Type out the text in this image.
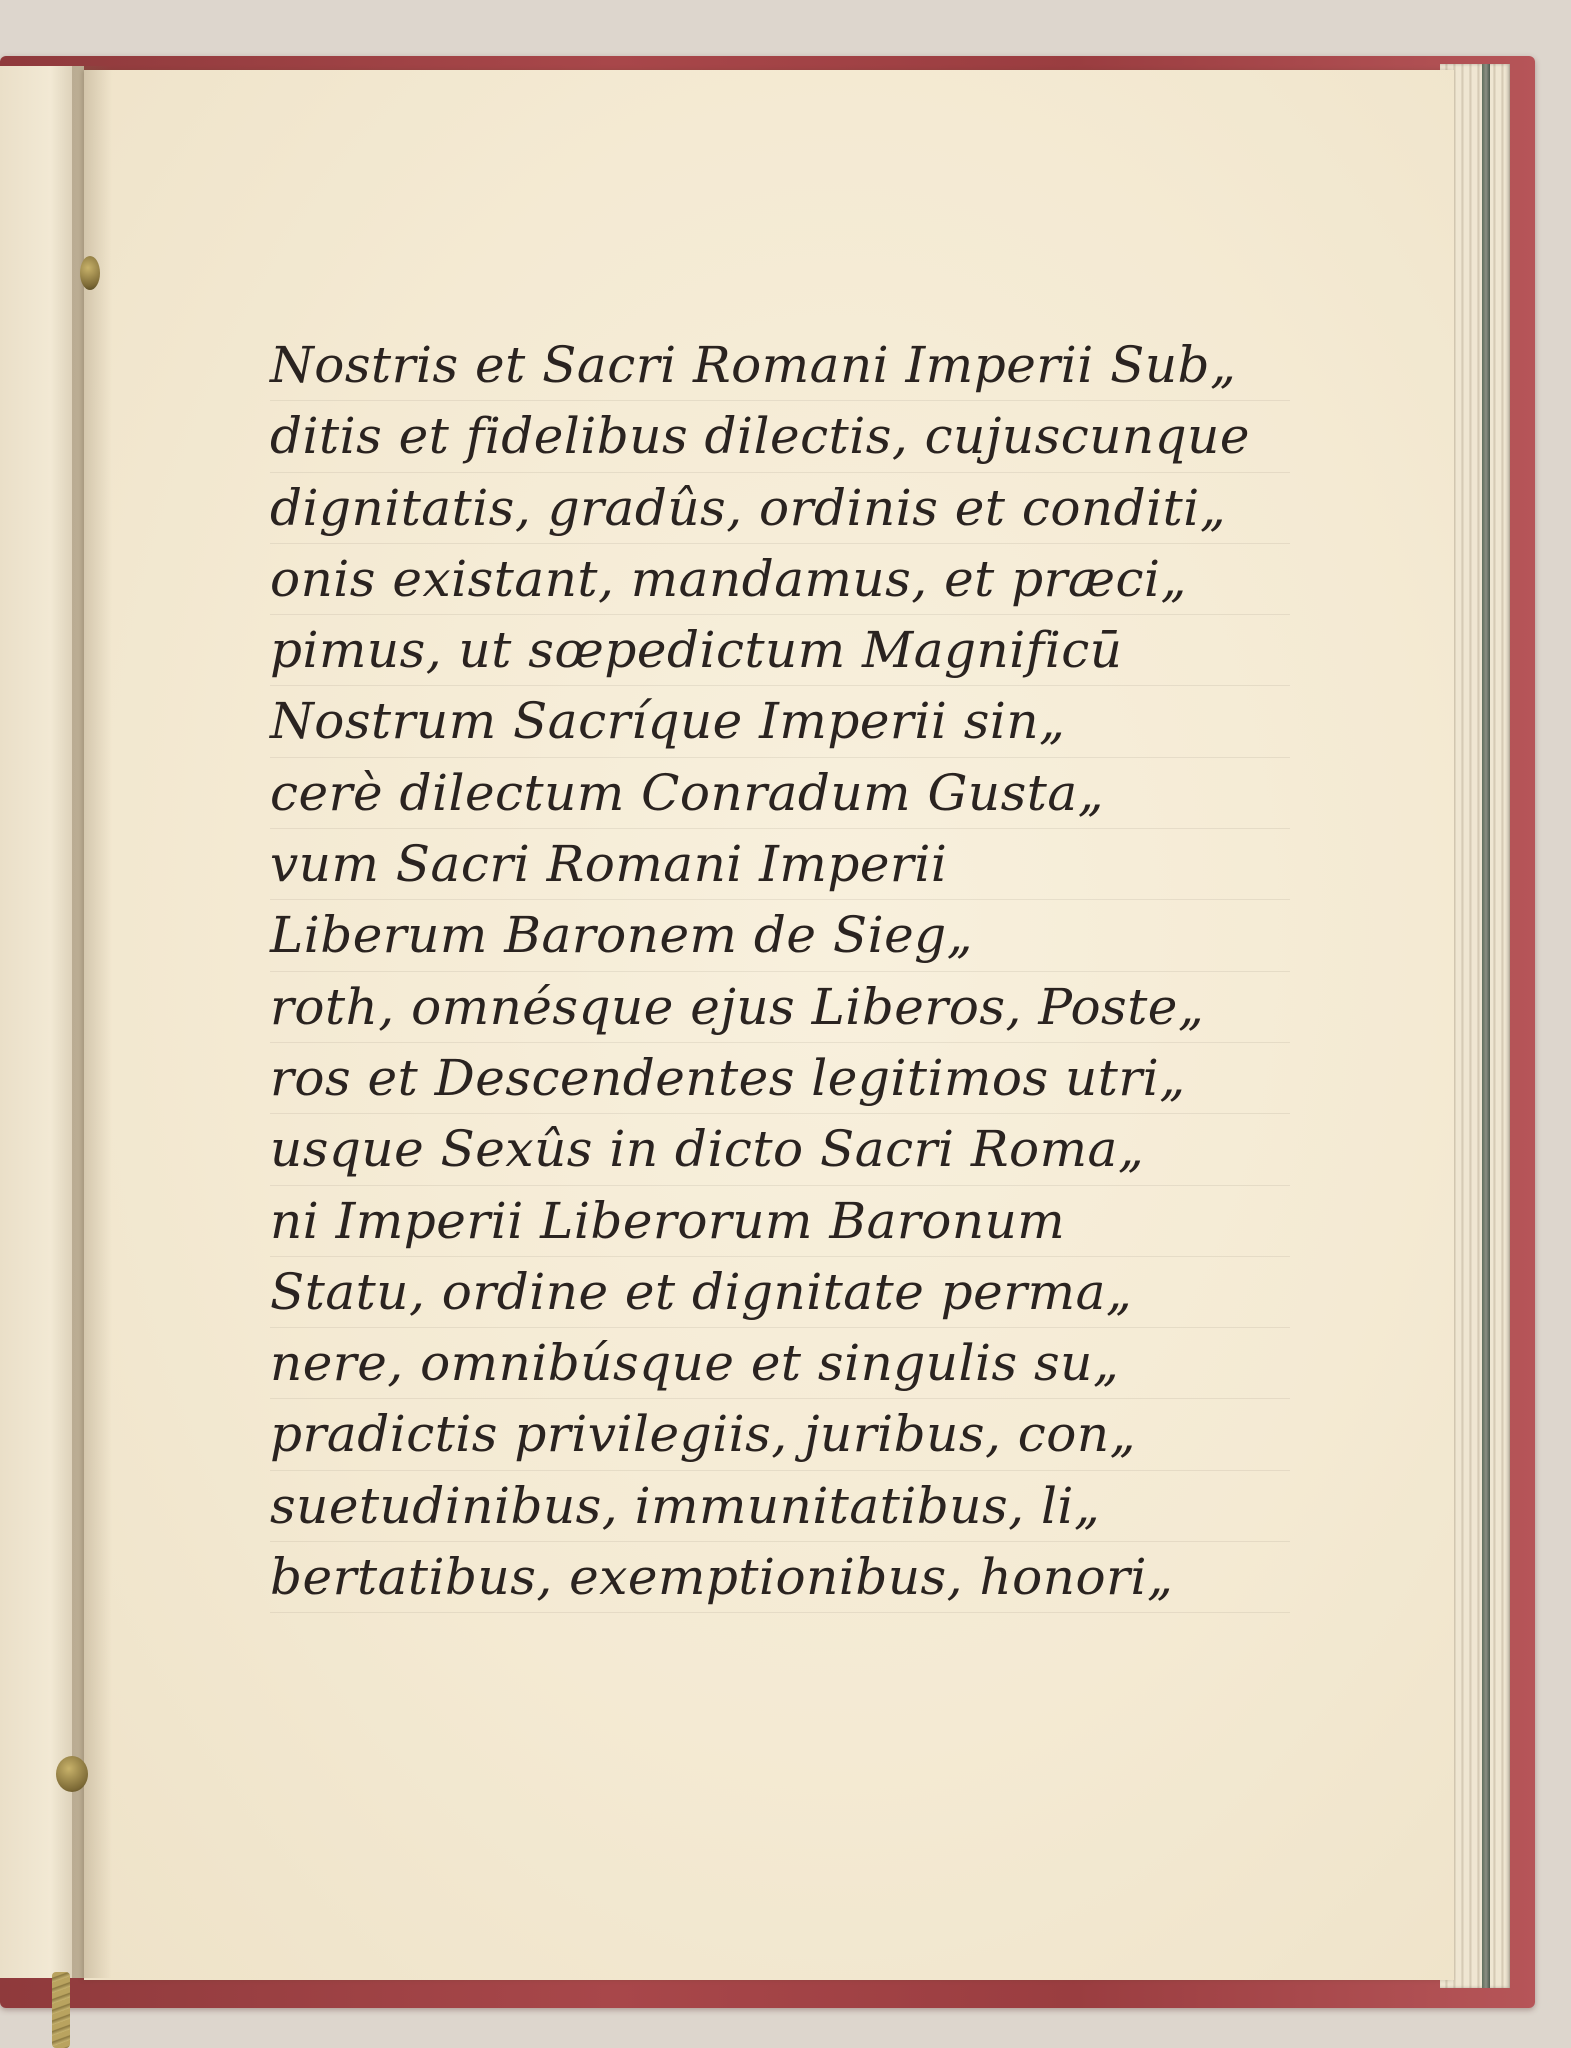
Nostris et Sacri Romani Imperii Sub„
ditis et fidelibus dilectis, cujuscunque
dignitatis, gradûs, ordinis et conditi„
onis existant, mandamus, et præci„
pimus, ut sœpedictum Magnificū
Nostrum Sacríque Imperii sin„
cerè dilectum Conradum Gusta„
vum Sacri Romani Imperii
Liberum Baronem de Sieg„
roth, omnésque ejus Liberos, Poste„
ros et Descendentes legitimos utri„
usque Sexûs in dicto Sacri Roma„
ni Imperii Liberorum Baronum
Statu, ordine et dignitate perma„
nere, omnibúsque et singulis su„
pradictis privilegiis, juribus, con„
suetudinibus, immunitatibus, li„
bertatibus, exemptionibus, honori„
